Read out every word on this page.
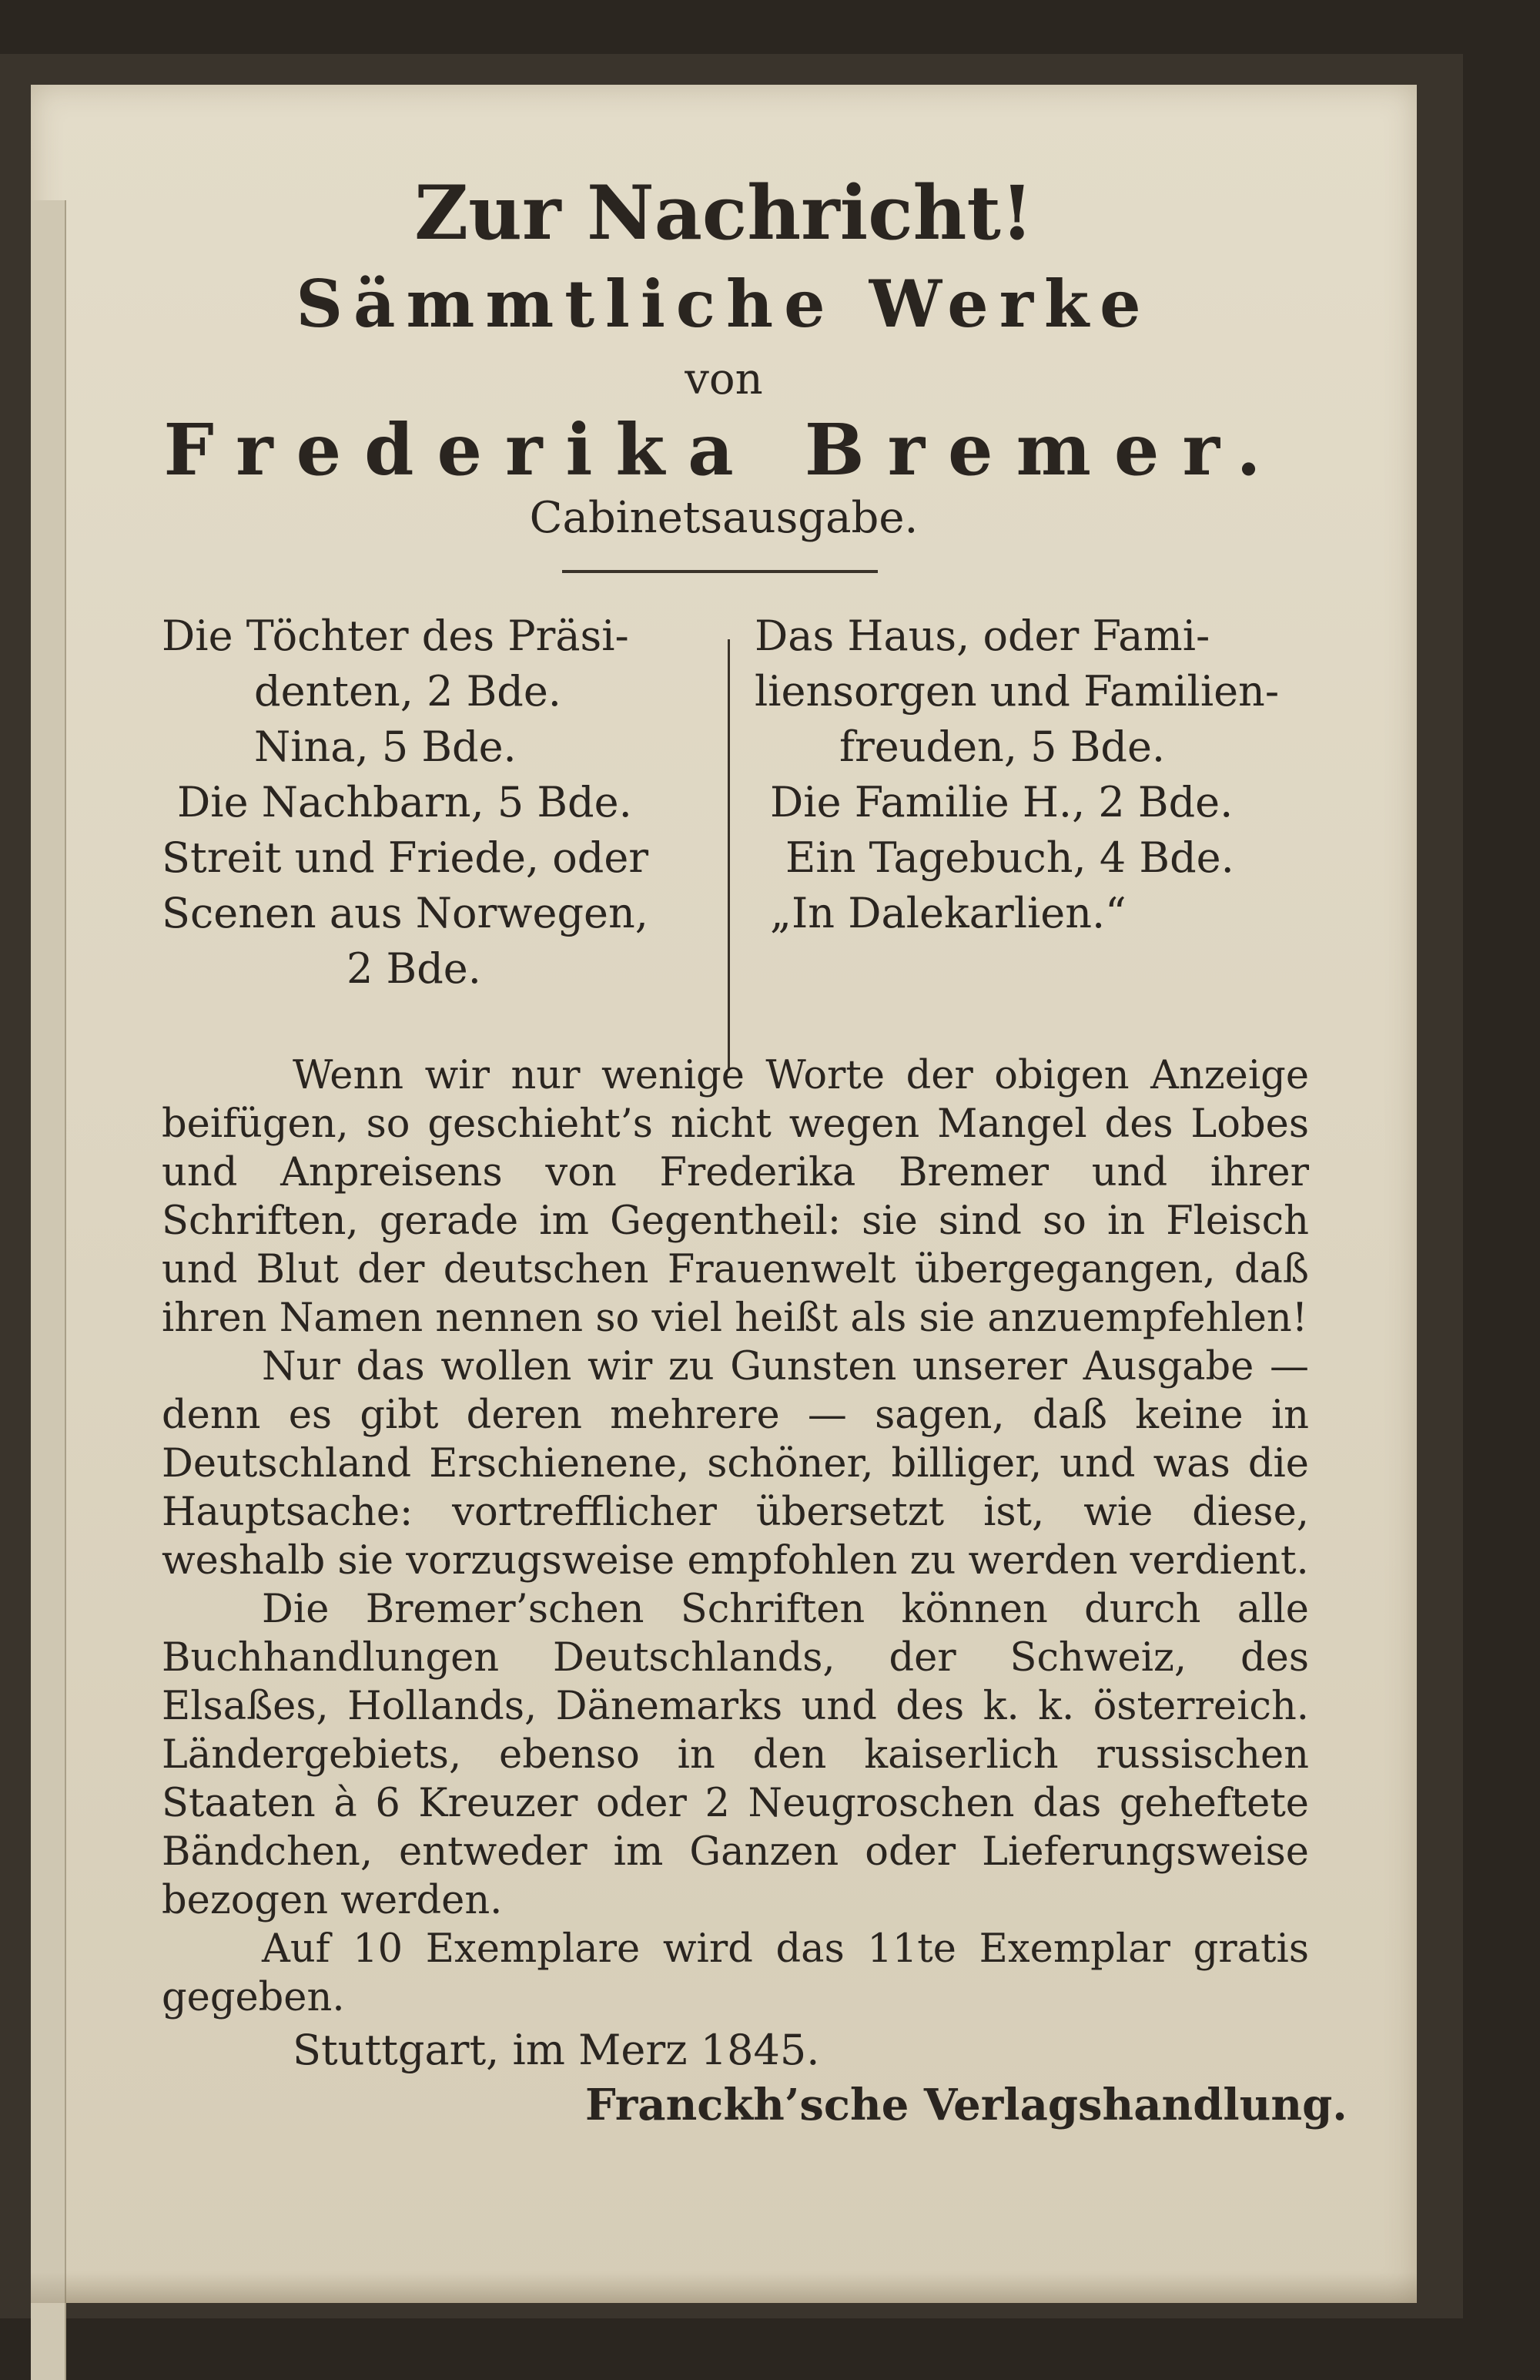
Zur Nachricht!
Sämmtliche Werke
von
Frederika Bremer.
Cabinetsausgabe.

Die Töchter des Präsi-

denten, 2 Bde.

Nina, 5 Bde.

Die Nachbarn, 5 Bde.

Streit und Friede, oder

Scenen aus Norwegen,

2 Bde.

Das Haus, oder Fami-

liensorgen und Familien-

freuden, 5 Bde.

Die Familie H., 2 Bde.

Ein Tagebuch, 4 Bde.

„In Dalekarlien.“

Wenn wir nur wenige Worte der obigen Anzeige beifügen, so geschieht’s nicht wegen Mangel des Lobes und Anpreisens von Frederika Bremer und ihrer Schriften, gerade im Gegentheil: sie sind so in Fleisch und Blut der deutschen Frauenwelt übergegangen, daß ihren Namen nennen so viel heißt als sie anzuempfehlen!

Nur das wollen wir zu Gunsten unserer Ausgabe — denn es gibt deren mehrere — sagen, daß keine in Deutschland Erschienene, schöner, billiger, und was die Hauptsache: vortrefflicher übersetzt ist, wie diese, weshalb sie vorzugsweise empfohlen zu werden verdient.

Die Bremer’schen Schriften können durch alle Buchhandlungen Deutschlands, der Schweiz, des Elsaßes, Hollands, Dänemarks und des k. k. österreich. Ländergebiets, ebenso in den kaiserlich russischen Staaten à 6 Kreuzer oder 2 Neugroschen das geheftete Bändchen, entweder im Ganzen oder Lieferungsweise bezogen werden.

Auf 10 Exemplare wird das 11te Exemplar gratis gegeben.

Stuttgart, im Merz 1845.
Franckh’sche Verlagshandlung.
